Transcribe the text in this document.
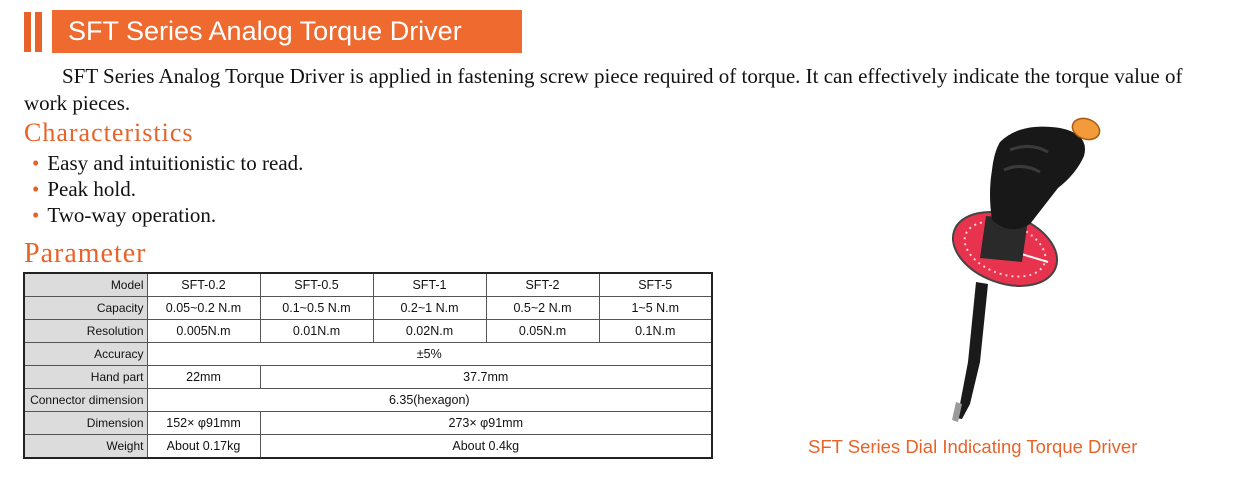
SFT Series Analog Torque Driver
SFT Series Analog Torque Driver is applied in fastening screw piece required of torque. It can effectively indicate the torque value of work pieces.
Characteristics
• Easy and intuitionistic to read.
• Peak hold.
• Two-way operation.
Parameter
Model	SFT-0.2	SFT-0.5	SFT-1	SFT-2	SFT-5
Capacity	0.05~0.2 N.m	0.1~0.5 N.m	0.2~1 N.m	0.5~2 N.m	1~5 N.m
Resolution	0.005N.m	0.01N.m	0.02N.m	0.05N.m	0.1N.m
Accuracy	±5%				
Hand part	22mm	37.7mm			
Connector dimension	6.35(hexagon)				
Dimension	152× φ91mm	273× φ91mm			
Weight	About 0.17kg	About 0.4kg				SFT Series Dial Indicating Torque Driver
